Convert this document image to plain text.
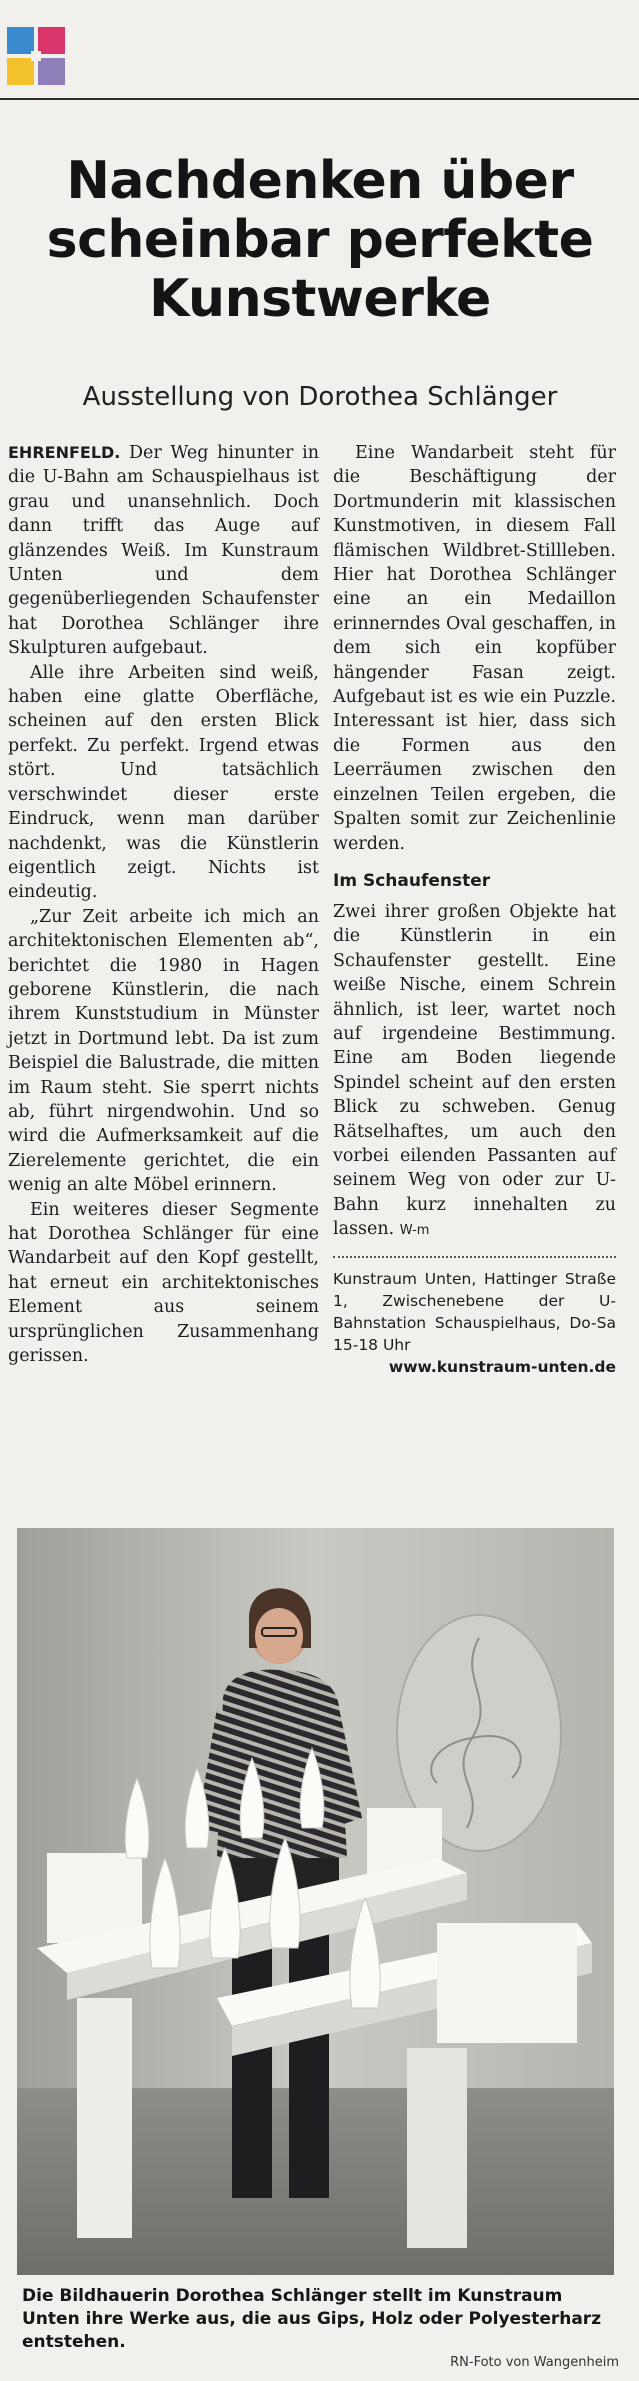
Nachdenken über
scheinbar perfekte
Kunstwerke
Ausstellung von Dorothea Schlänger

EHRENFELD. Der Weg hinunter in die U-Bahn am Schauspielhaus ist grau und unansehnlich. Doch dann trifft das Auge auf glänzendes Weiß. Im Kunstraum Unten und dem gegenüberliegenden Schaufenster hat Dorothea Schlänger ihre Skulpturen aufgebaut.

Alle ihre Arbeiten sind weiß, haben eine glatte Oberfläche, scheinen auf den ersten Blick perfekt. Zu perfekt. Irgend etwas stört. Und tatsächlich verschwindet dieser erste Eindruck, wenn man darüber nachdenkt, was die Künstlerin eigentlich zeigt. Nichts ist eindeutig.

„Zur Zeit arbeite ich mich an architektonischen Elementen ab“, berichtet die 1980 in Hagen geborene Künstlerin, die nach ihrem Kunststudium in Münster jetzt in Dortmund lebt. Da ist zum Beispiel die Balustrade, die mitten im Raum steht. Sie sperrt nichts ab, führt nirgendwohin. Und so wird die Aufmerksamkeit auf die Zierelemente gerichtet, die ein wenig an alte Möbel erinnern.

Ein weiteres dieser Segmente hat Dorothea Schlänger für eine Wandarbeit auf den Kopf gestellt, hat erneut ein architektonisches Element aus seinem ursprünglichen Zusammenhang gerissen.

Eine Wandarbeit steht für die Beschäftigung der Dortmunderin mit klassischen Kunstmotiven, in diesem Fall flämischen Wildbret-Stillleben. Hier hat Dorothea Schlänger eine an ein Medaillon erinnerndes Oval geschaffen, in dem sich ein kopfüber hängender Fasan zeigt. Aufgebaut ist es wie ein Puzzle. Interessant ist hier, dass sich die Formen aus den Leerräumen zwischen den einzelnen Teilen ergeben, die Spalten somit zur Zeichenlinie werden.

Im Schaufenster

Zwei ihrer großen Objekte hat die Künstlerin in ein Schaufenster gestellt. Eine weiße Nische, einem Schrein ähnlich, ist leer, wartet noch auf irgendeine Bestimmung. Eine am Boden liegende Spindel scheint auf den ersten Blick zu schweben. Genug Rätselhaftes, um auch den vorbei eilenden Passanten auf seinem Weg von oder zur U-Bahn kurz innehalten zu lassen. W-m

Kunstraum Unten, Hattinger Straße 1, Zwischenebene der U-Bahnstation Schauspielhaus, Do-Sa 15-18 Uhr

www.kunstraum-unten.de

Die Bildhauerin Dorothea Schlänger stellt im Kunstraum Unten ihre Werke aus, die aus Gips, Holz oder Polyesterharz entstehen.
RN-Foto von Wangenheim
